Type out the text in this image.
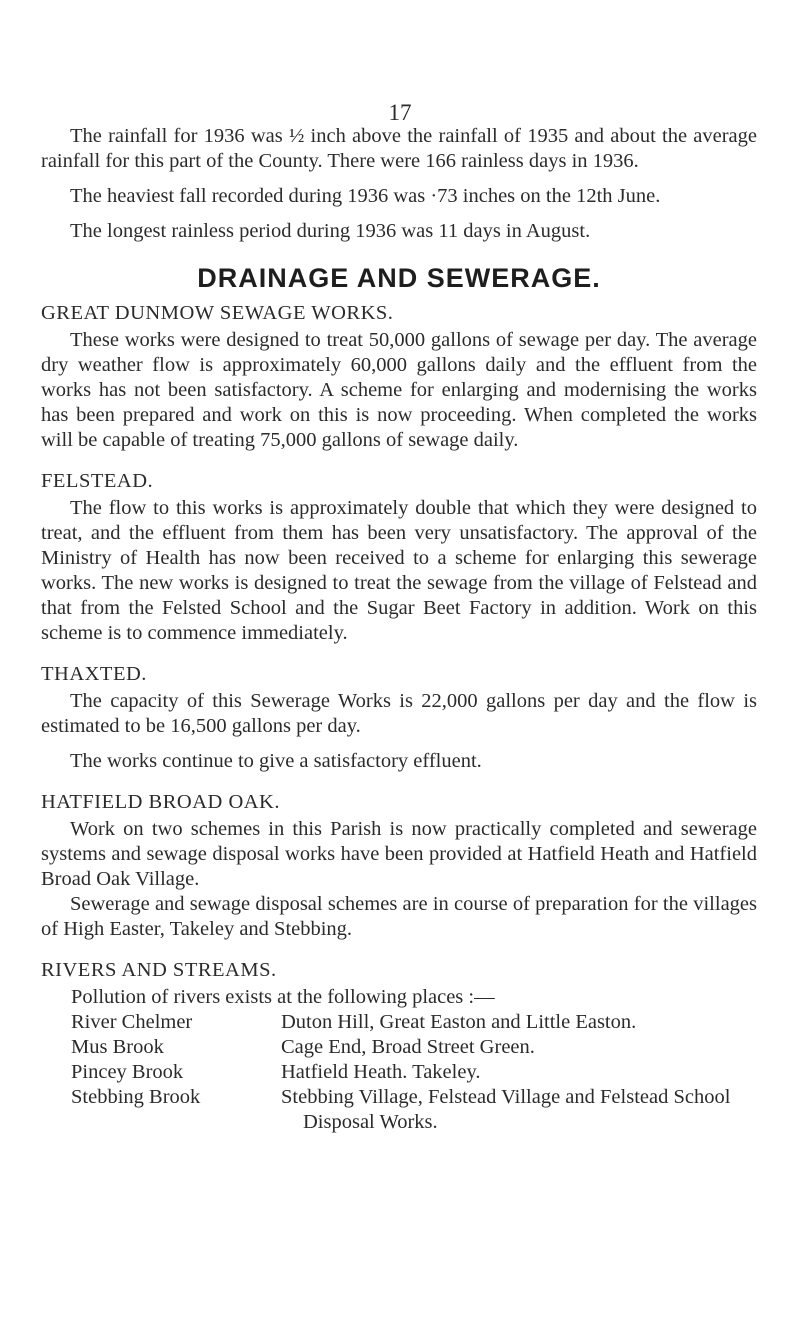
17

The rainfall for 1936 was ½ inch above the rainfall of 1935 and about the average rainfall for this part of the County. There were 166 rainless days in 1936.

The heaviest fall recorded during 1936 was ·73 inches on the 12th June.

The longest rainless period during 1936 was 11 days in August.

DRAINAGE AND SEWERAGE.
GREAT DUNMOW SEWAGE WORKS.

These works were designed to treat 50,000 gallons of sewage per day. The average dry weather flow is approximately 60,000 gallons daily and the effluent from the works has not been satisfactory. A scheme for enlarging and modernising the works has been prepared and work on this is now proceeding. When completed the works will be capable of treating 75,000 gallons of sewage daily.

FELSTEAD.

The flow to this works is approximately double that which they were designed to treat, and the effluent from them has been very unsatisfactory. The approval of the Ministry of Health has now been received to a scheme for enlarging this sewerage works. The new works is designed to treat the sewage from the village of Felstead and that from the Felsted School and the Sugar Beet Factory in addition. Work on this scheme is to commence immediately.

THAXTED.

The capacity of this Sewerage Works is 22,000 gallons per day and the flow is estimated to be 16,500 gallons per day.

The works continue to give a satisfactory effluent.

HATFIELD BROAD OAK.

Work on two schemes in this Parish is now practically completed and sewerage systems and sewage disposal works have been provided at Hatfield Heath and Hatfield Broad Oak Village.

Sewerage and sewage disposal schemes are in course of preparation for the villages of High Easter, Takeley and Stebbing.

RIVERS AND STREAMS.
Pollution of rivers exists at the following places :—
River Chelmer	Duton Hill, Great Easton and Little Easton.
Mus Brook	Cage End, Broad Street Green.
Pincey Brook	Hatfield Heath. Takeley.
Stebbing Brook	Stebbing Village, Felstead Village and Felstead School Disposal Works.
